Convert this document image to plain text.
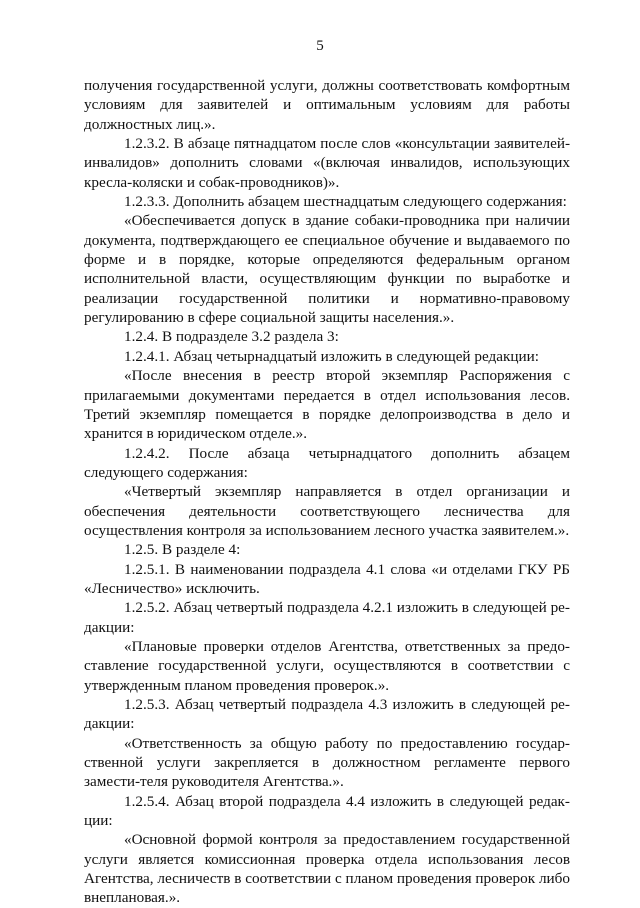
5

получения государственной услуги, должны соответствовать комфортным условиям для заявителей и оптимальным условиям для работы должностных лиц.».

1.2.3.2. В абзаце пятнадцатом после слов «консультации заявителей-инвалидов» дополнить словами «(включая инвалидов, использующих кресла-коляски и собак-проводников)».

1.2.3.3. Дополнить абзацем шестнадцатым следующего содержания:

«Обеспечивается допуск в здание собаки-проводника при наличии документа, подтверждающего ее специальное обучение и выдаваемого по форме и в порядке, которые определяются федеральным органом исполнительной власти, осуществляющим функции по выработке и реализации государственной политики и нормативно-правовому регулированию в сфере социальной защиты населения.».

1.2.4. В подразделе 3.2 раздела 3:

1.2.4.1. Абзац четырнадцатый изложить в следующей редакции:

«После внесения в реестр второй экземпляр Распоряжения с прилагаемыми документами передается в отдел использования лесов. Третий экземпляр помещается в порядке делопроизводства в дело и хранится в юридическом отделе.».

1.2.4.2. После абзаца четырнадцатого дополнить абзацем следующего содержания:

«Четвертый экземпляр направляется в отдел организации и обеспечения деятельности соответствующего лесничества для осуществления контроля за использованием лесного участка заявителем.».

1.2.5. В разделе 4:

1.2.5.1. В наименовании подраздела 4.1 слова «и отделами ГКУ РБ «Лесничество» исключить.

1.2.5.2. Абзац четвертый подраздела 4.2.1 изложить в следующей ре-дакции:

«Плановые проверки отделов Агентства, ответственных за предо-ставление государственной услуги, осуществляются в соответствии с утвержденным планом проведения проверок.».

1.2.5.3. Абзац четвертый подраздела 4.3 изложить в следующей ре-дакции:

«Ответственность за общую работу по предоставлению государ-ственной услуги закрепляется в должностном регламенте первого замести-теля руководителя Агентства.».

1.2.5.4. Абзац второй подраздела 4.4 изложить в следующей редак-ции:

«Основной формой контроля за предоставлением государственной услуги является комиссионная проверка отдела использования лесов Агентства, лесничеств в соответствии с планом проведения проверок либо внеплановая.».
